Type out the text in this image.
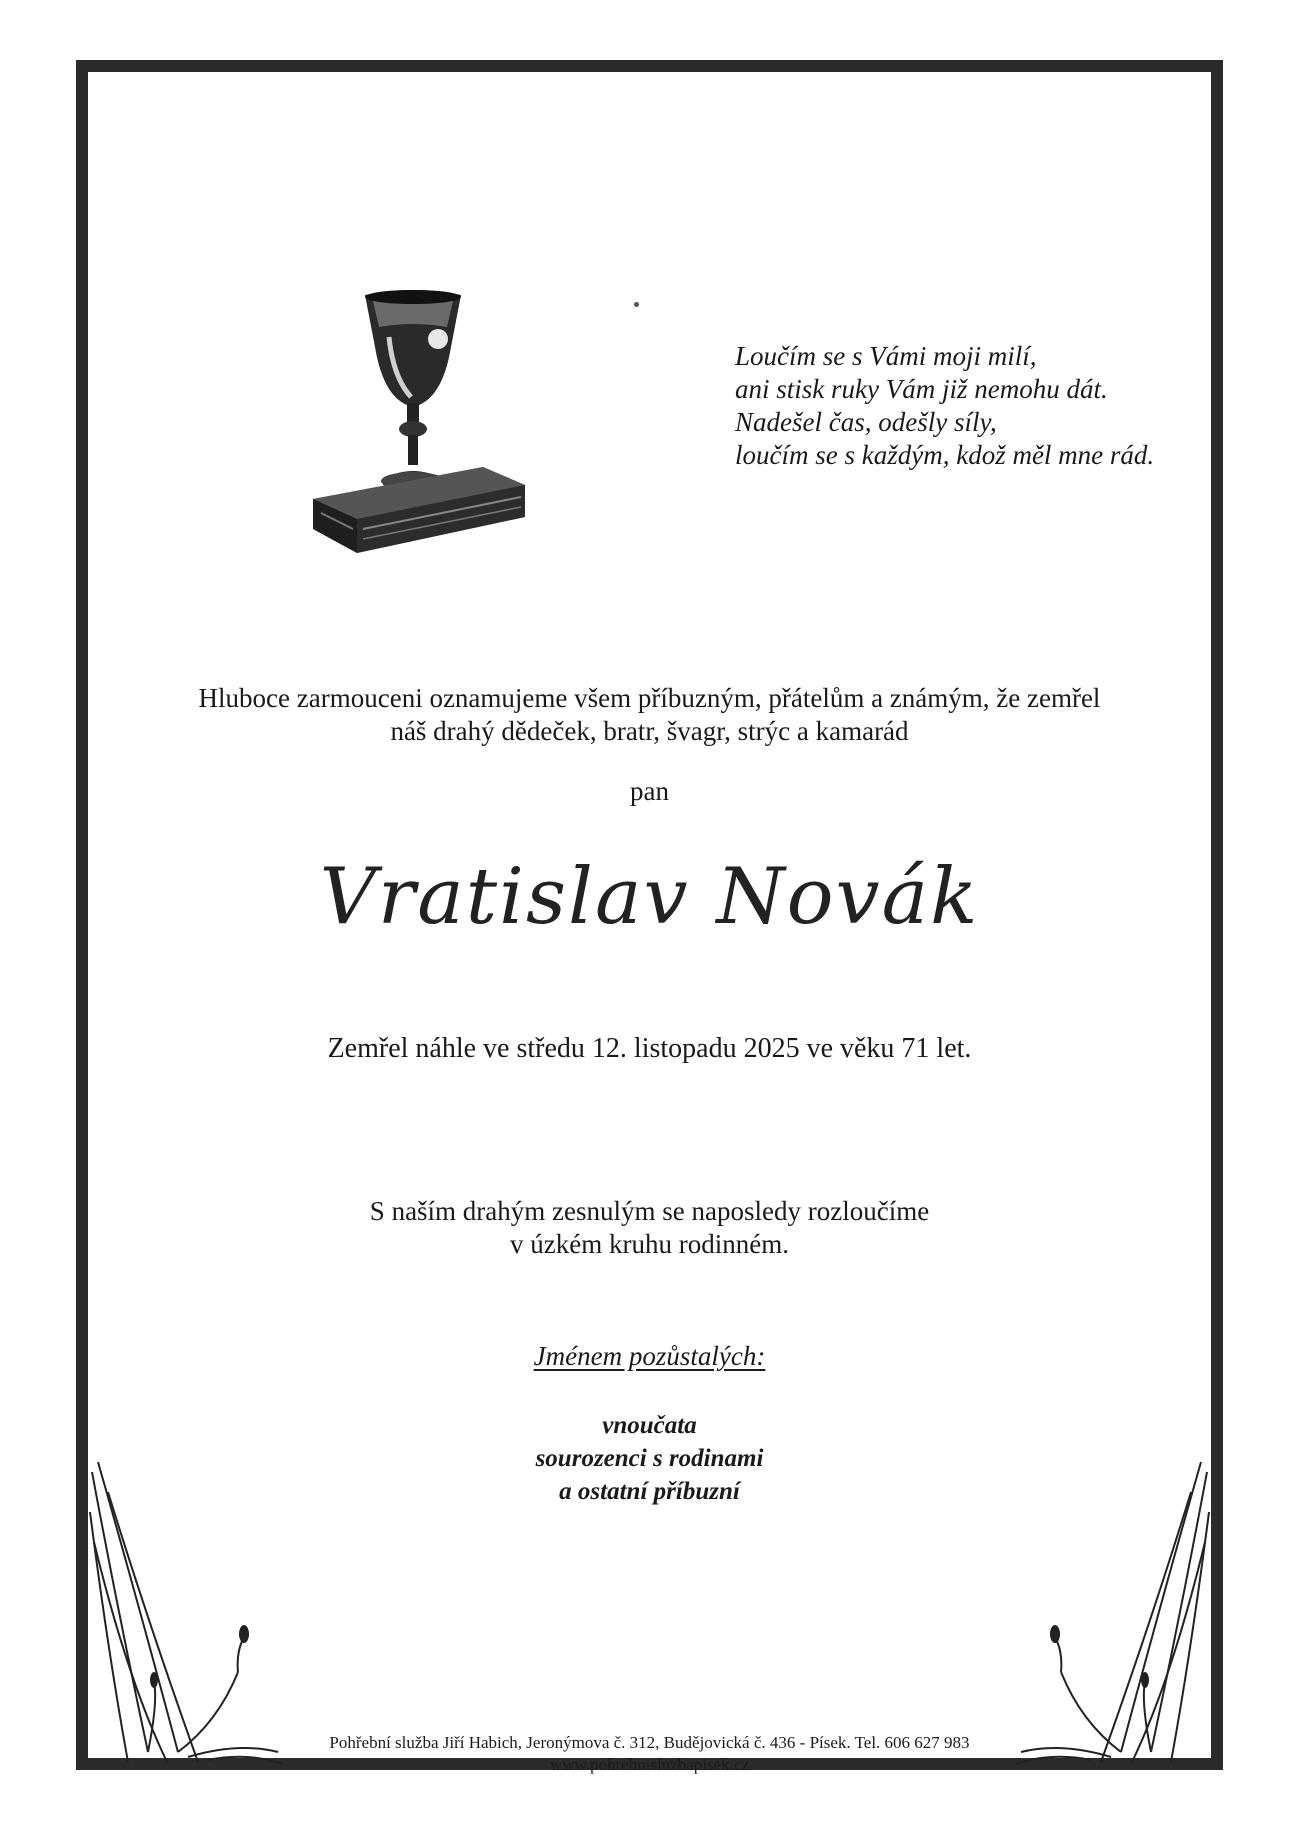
Loučím se s Vámi moji milí,
ani stisk ruky Vám již nemohu dát.
Nadešel čas, odešly síly,
loučím se s každým, kdož měl mne rád.
Hluboce zarmouceni oznamujeme všem příbuzným, přátelům a známým, že zemřel
náš drahý dědeček, bratr, švagr, strýc a kamarád
pan
Vratislav Novák
Zemřel náhle ve středu 12. listopadu 2025 ve věku 71 let.
S naším drahým zesnulým se naposledy rozloučíme
v úzkém kruhu rodinném.
Jménem pozůstalých:
vnoučata
sourozenci s rodinami
a ostatní příbuzní
Pohřební služba Jiří Habich, Jeronýmova č. 312, Budějovická č. 436 - Písek. Tel. 606 627 983
www.pohrebnisluzbapisek.cz
